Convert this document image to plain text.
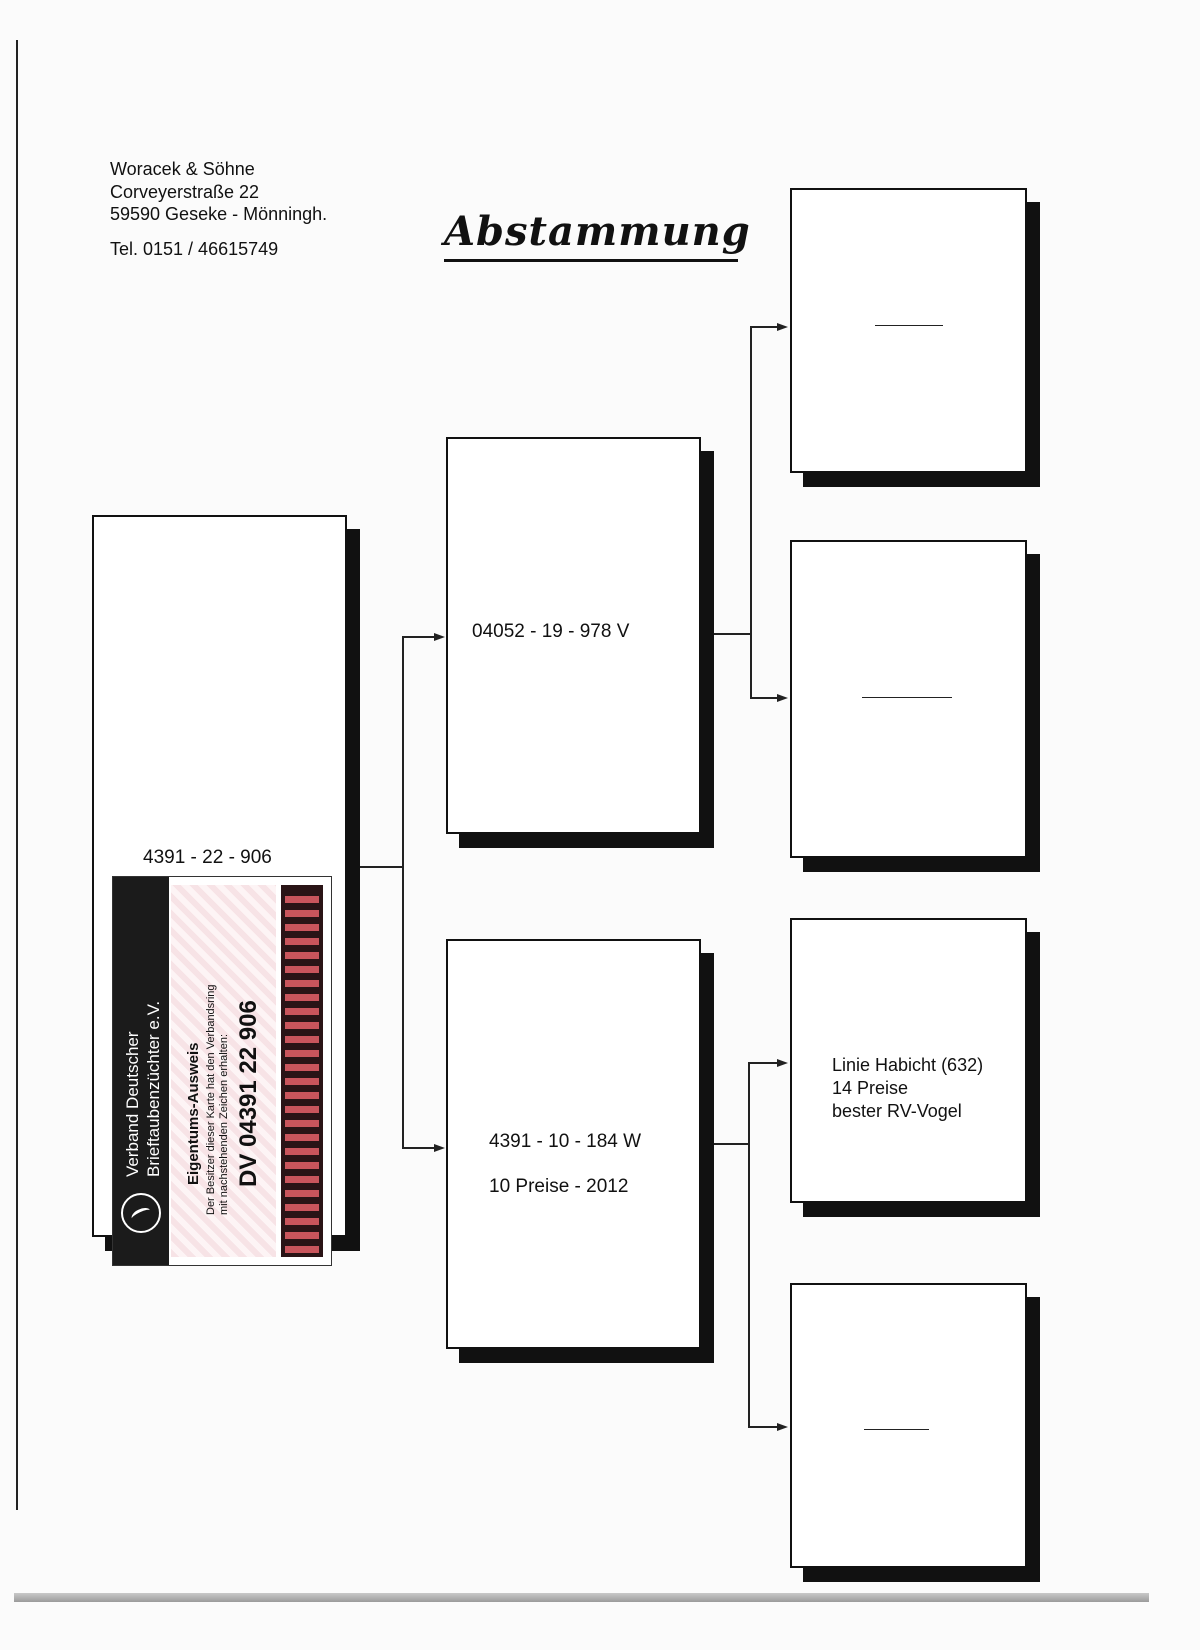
Woracek & Söhne
Corveyerstraße 22
59590 Geseke - Mönningh.
Tel. 0151 / 46615749	Abstammung
4391 - 22 - 906
Verband Deutscher Brieftaubenzüchter e.V. Eigentums-Ausweis Der Besitzer dieser Karte hat den Verbandsring mit nachstehenden Zeichen erhalten: DV 04391 22 906
04052 - 19 - 978 V
4391 - 10 - 184 W
10 Preise - 2012
Linie Habicht (632)
14 Preise
bester RV-Vogel
